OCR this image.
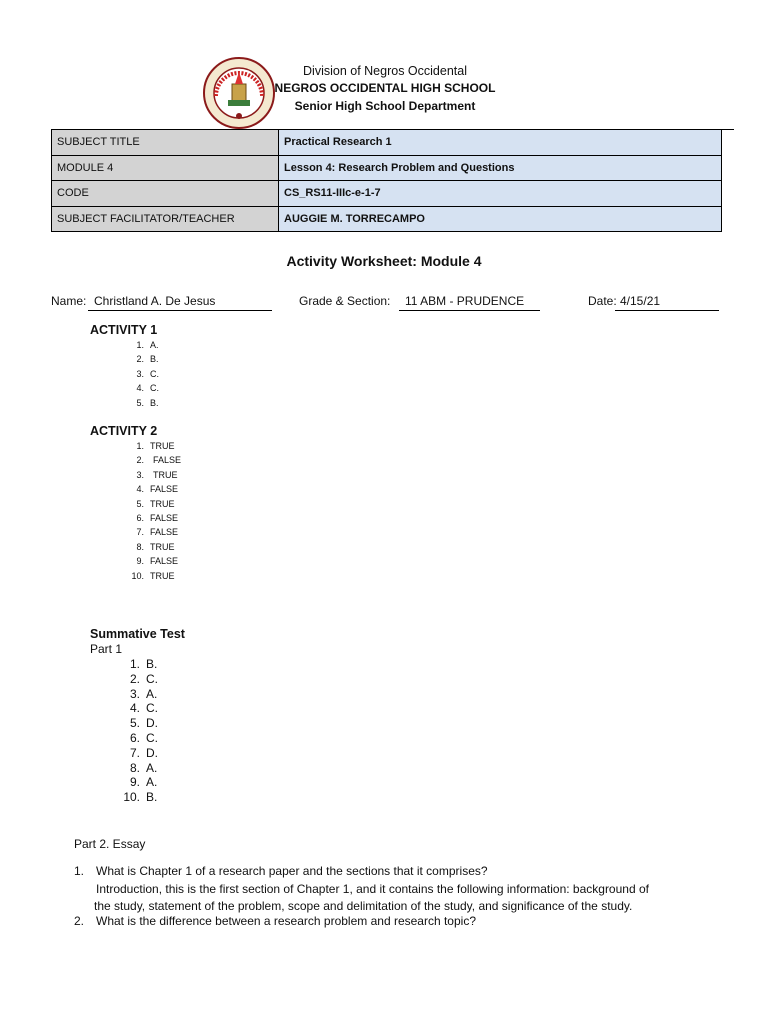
Division of Negros Occidental
NEGROS OCCIDENTAL HIGH SCHOOL
Senior High School Department
SUBJECT TITLE	Practical Research 1
MODULE 4	Lesson 4: Research Problem and Questions
CODE	CS_RS11-IIIc-e-1-7
SUBJECT FACILITATOR/TEACHER	AUGGIE M. TORRECAMPO
Activity Worksheet: Module 4
Name: Christland A. De Jesus	Grade & Section:	11 ABM - PRUDENCE	Date: 4/15/21
ACTIVITY 1
1. A.
2. B.
3. C.
4. C.
5. B.
ACTIVITY 2
1. TRUE
2.	FALSE
3.	TRUE
4. FALSE
5. TRUE
6. FALSE
7. FALSE
8. TRUE
9. FALSE
10. TRUE
Summative Test
Part 1
1. B.
2. C.
3. A.
4. C.
5. D.
6. C.
7. D.
8. A.
9. A.
10. B.
Part 2. Essay
1. What is Chapter 1 of a research paper and the sections that it comprises?
Introduction, this is the first section of Chapter 1, and it contains the following information: background of
the study, statement of the problem, scope and delimitation of the study, and significance of the study.
2. What is the difference between a research problem and research topic?
